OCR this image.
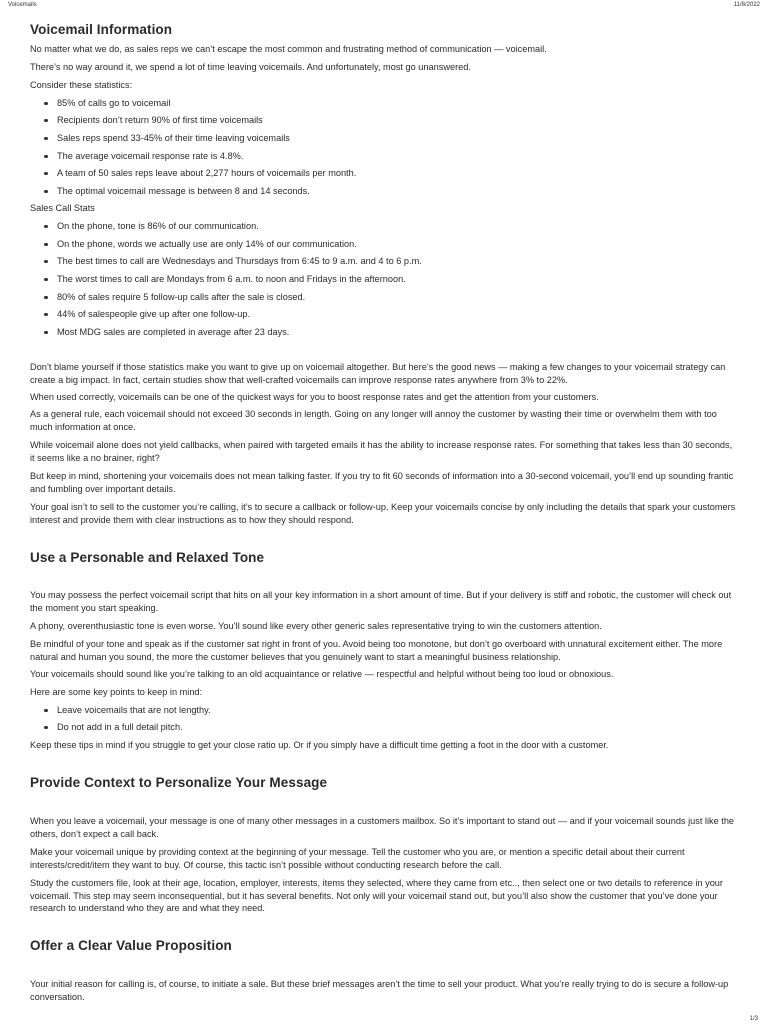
Voicemails	11/8/2022
Voicemail Information

No matter what we do, as sales reps we can’t escape the most common and frustrating method of communication — voicemail.

There’s no way around it, we spend a lot of time leaving voicemails. And unfortunately, most go unanswered.

Consider these statistics:

85% of calls go to voicemail
Recipients don’t return 90% of first time voicemails
Sales reps spend 33-45% of their time leaving voicemails
The average voicemail response rate is 4.8%.
A team of 50 sales reps leave about 2,277 hours of voicemails per month.
The optimal voicemail message is between 8 and 14 seconds.

Sales Call Stats

On the phone, tone is 86% of our communication.
On the phone, words we actually use are only 14% of our communication.
The best times to call are Wednesdays and Thursdays from 6:45 to 9 a.m. and 4 to 6 p.m.
The worst times to call are Mondays from 6 a.m. to noon and Fridays in the afternoon.
80% of sales require 5 follow-up calls after the sale is closed.
44% of salespeople give up after one follow-up.
Most MDG sales are completed in average after 23 days.

Don’t blame yourself if those statistics make you want to give up on voicemail altogether. But here’s the good news — making a few changes to your voicemail strategy can create a big impact. In fact, certain studies show that well-crafted voicemails can improve response rates anywhere from 3% to 22%.

When used correctly, voicemails can be one of the quickest ways for you to boost response rates and get the attention from your customers.

As a general rule, each voicemail should not exceed 30 seconds in length. Going on any longer will annoy the customer by wasting their time or overwhelm them with too much information at once.

While voicemail alone does not yield callbacks, when paired with targeted emails it has the ability to increase response rates. For something that takes less than 30 seconds, it seems like a no brainer, right?

But keep in mind, shortening your voicemails does not mean talking faster. If you try to fit 60 seconds of information into a 30-second voicemail, you’ll end up sounding frantic and fumbling over important details.

Your goal isn’t to sell to the customer you’re calling, it’s to secure a callback or follow-up. Keep your voicemails concise by only including the details that spark your customers interest and provide them with clear instructions as to how they should respond.

Use a Personable and Relaxed Tone

You may possess the perfect voicemail script that hits on all your key information in a short amount of time. But if your delivery is stiff and robotic, the customer will check out the moment you start speaking.

A phony, overenthusiastic tone is even worse. You’ll sound like every other generic sales representative trying to win the customers attention.

Be mindful of your tone and speak as if the customer sat right in front of you. Avoid being too monotone, but don’t go overboard with unnatural excitement either. The more natural and human you sound, the more the customer believes that you genuinely want to start a meaningful business relationship.

Your voicemails should sound like you’re talking to an old acquaintance or relative — respectful and helpful without being too loud or obnoxious.

Here are some key points to keep in mind:

Leave voicemails that are not lengthy.
Do not add in a full detail pitch.

Keep these tips in mind if you struggle to get your close ratio up. Or if you simply have a difficult time getting a foot in the door with a customer.

Provide Context to Personalize Your Message

When you leave a voicemail, your message is one of many other messages in a customers mailbox. So it’s important to stand out — and if your voicemail sounds just like the others, don’t expect a call back.

Make your voicemail unique by providing context at the beginning of your message. Tell the customer who you are, or mention a specific detail about their current interests/credit/item they want to buy. Of course, this tactic isn’t possible without conducting research before the call.

Study the customers file, look at their age, location, employer, interests, items they selected, where they came from etc.., then select one or two details to reference in your voicemail. This step may seem inconsequential, but it has several benefits. Not only will your voicemail stand out, but you’ll also show the customer that you’ve done your research to understand who they are and what they need.

Offer a Clear Value Proposition

Your initial reason for calling is, of course, to initiate a sale. But these brief messages aren’t the time to sell your product. What you’re really trying to do is secure a follow-up conversation.

1/3
